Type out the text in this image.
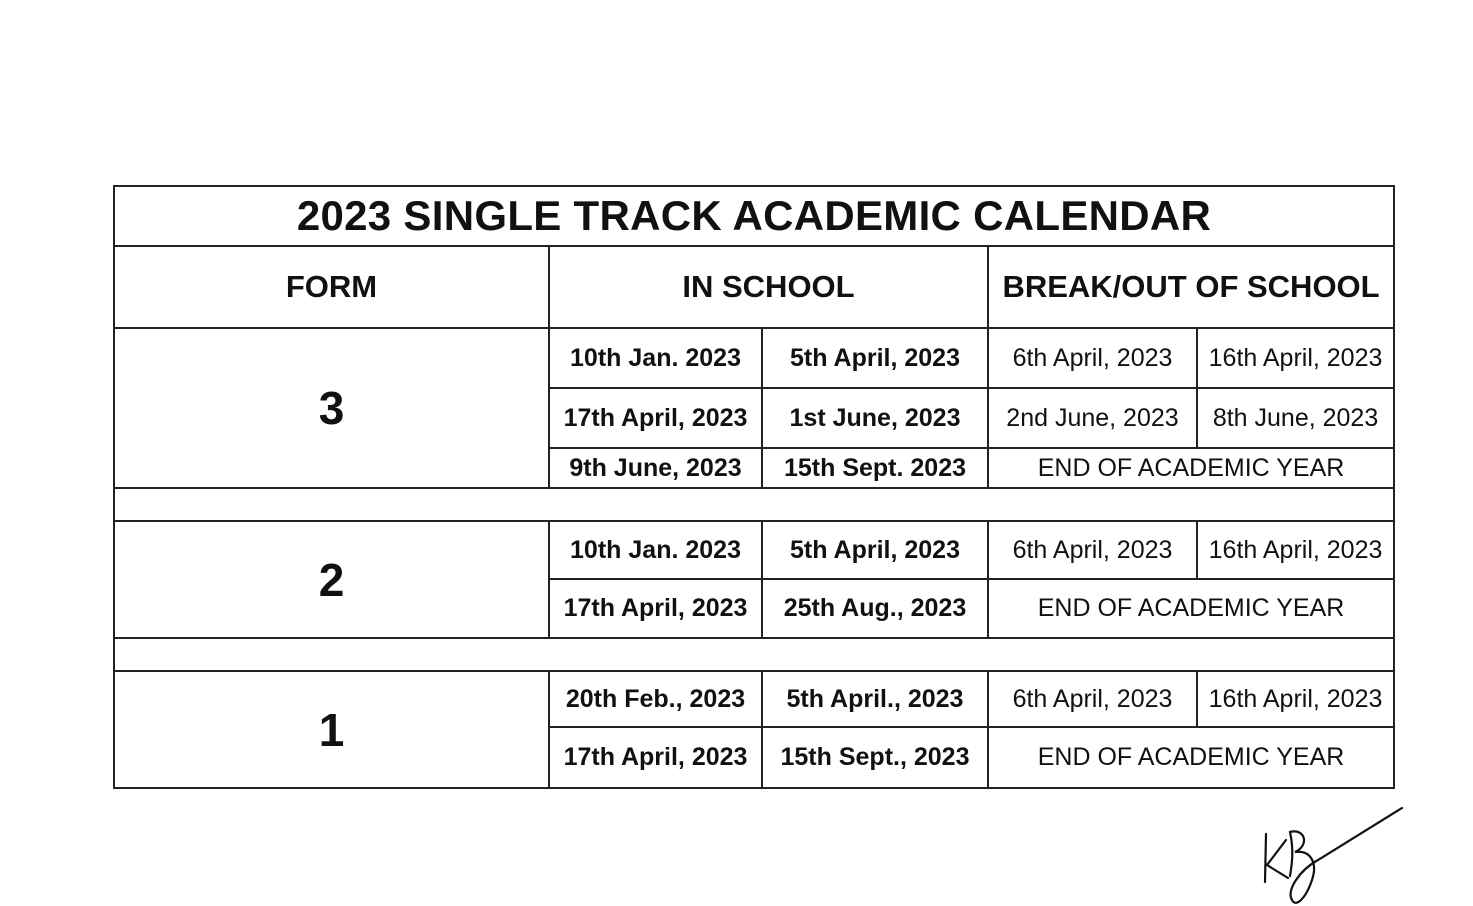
2023 SINGLE TRACK ACADEMIC CALENDAR				
FORM	IN SCHOOL		BREAK/OUT OF SCHOOL	
3	10th Jan. 2023	5th April, 2023	6th April, 2023	16th April, 2023
	17th April, 2023	1st June, 2023	2nd June, 2023	8th June, 2023
	9th June, 2023	15th Sept. 2023	END OF ACADEMIC YEAR	

2	10th Jan. 2023	5th April, 2023	6th April, 2023	16th April, 2023
	17th April, 2023	25th Aug., 2023	END OF ACADEMIC YEAR	

1	20th Feb., 2023	5th April., 2023	6th April, 2023	16th April, 2023
	17th April, 2023	15th Sept., 2023	END OF ACADEMIC YEAR	
